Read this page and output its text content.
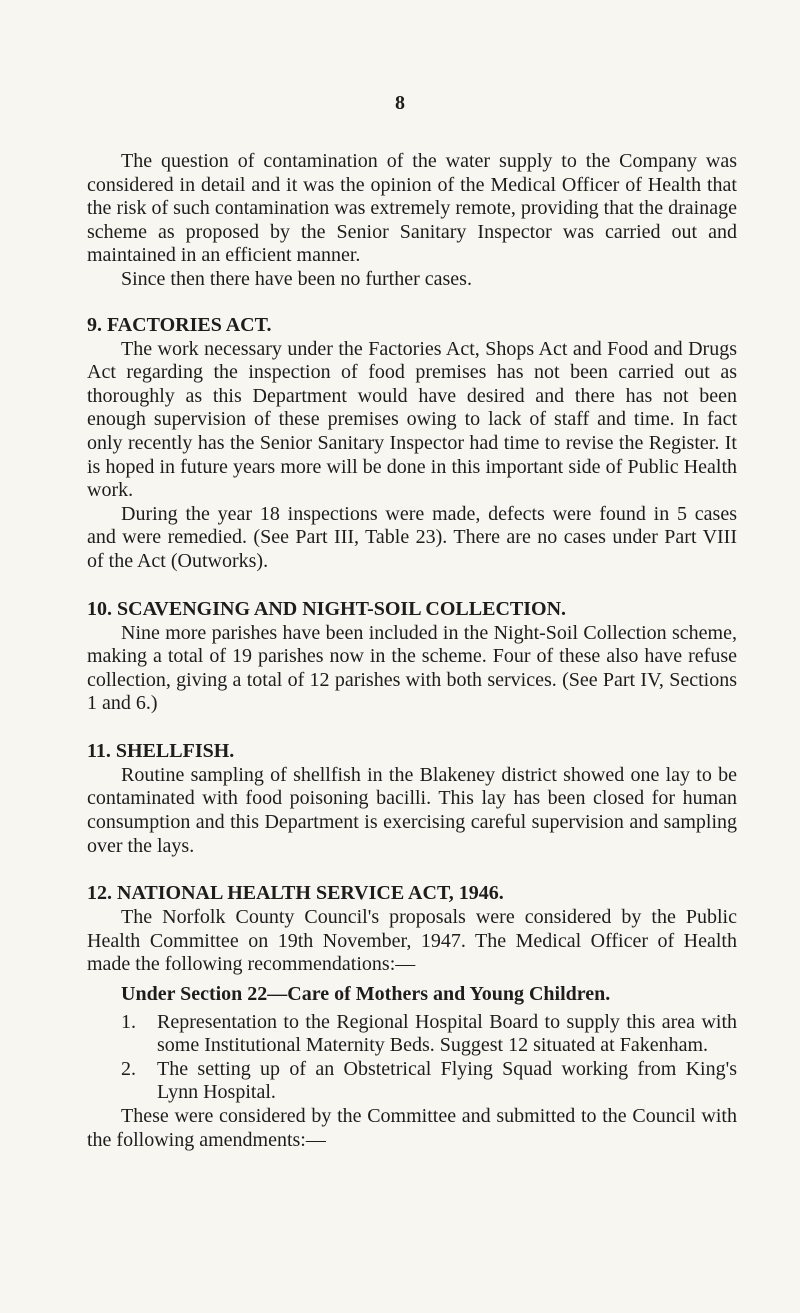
8

The question of contamination of the water supply to the Company was considered in detail and it was the opinion of the Medical Officer of Health that the risk of such contamination was extremely remote, providing that the drainage scheme as proposed by the Senior Sanitary Inspector was carried out and maintained in an efficient manner.

Since then there have been no further cases.

9. FACTORIES ACT.

The work necessary under the Factories Act, Shops Act and Food and Drugs Act regarding the inspection of food premises has not been carried out as thoroughly as this Department would have desired and there has not been enough supervision of these premises owing to lack of staff and time. In fact only recently has the Senior Sanitary Inspector had time to revise the Register. It is hoped in future years more will be done in this important side of Public Health work.

During the year 18 inspections were made, defects were found in 5 cases and were remedied. (See Part III, Table 23). There are no cases under Part VIII of the Act (Outworks).

10. SCAVENGING AND NIGHT-SOIL COLLECTION.

Nine more parishes have been included in the Night-Soil Collection scheme, making a total of 19 parishes now in the scheme. Four of these also have refuse collection, giving a total of 12 parishes with both services. (See Part IV, Sections 1 and 6.)

11. SHELLFISH.

Routine sampling of shellfish in the Blakeney district showed one lay to be contaminated with food poisoning bacilli. This lay has been closed for human consumption and this Department is exercising careful supervision and sampling over the lays.

12. NATIONAL HEALTH SERVICE ACT, 1946.

The Norfolk County Council's proposals were considered by the Public Health Committee on 19th November, 1947. The Medical Officer of Health made the following recommendations:—

Under Section 22—Care of Mothers and Young Children.

1.	Representation to the Regional Hospital Board to supply this area with some Institutional Maternity Beds. Suggest 12 situated at Fakenham.
2.	The setting up of an Obstetrical Flying Squad working from King's Lynn Hospital.

These were considered by the Committee and submitted to the Council with the following amendments:—
